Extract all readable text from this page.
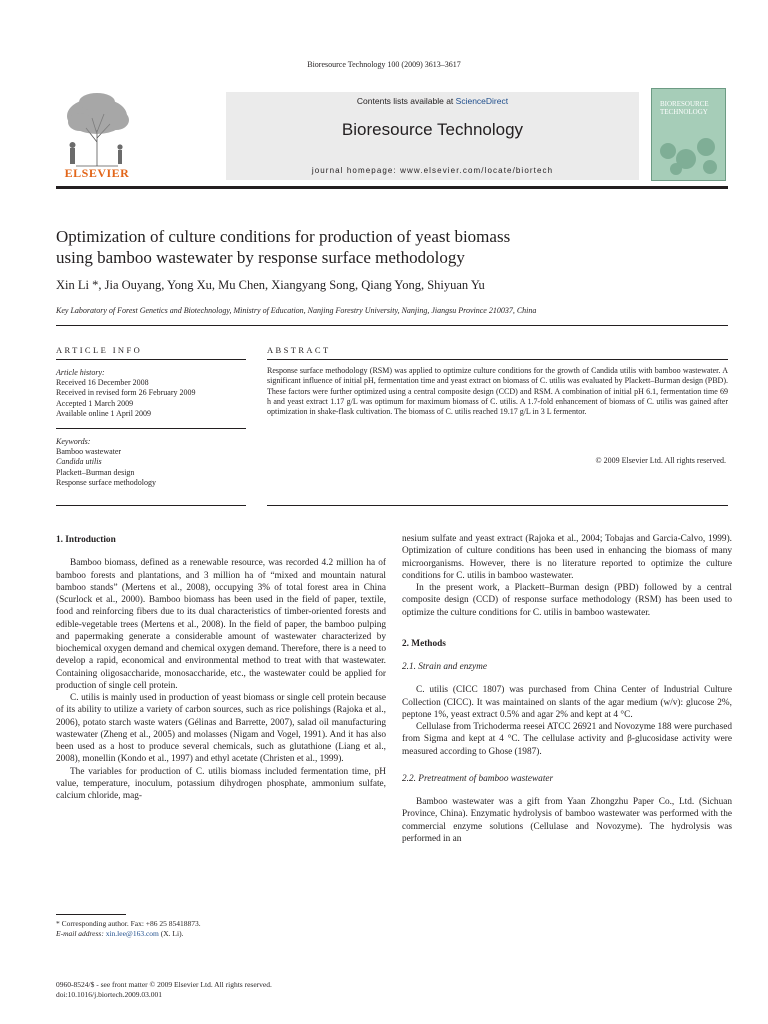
Bioresource Technology 100 (2009) 3613–3617
ELSEVIER
Contents lists available at ScienceDirect
Bioresource Technology
journal homepage: www.elsevier.com/locate/biortech
BIORESOURCE TECHNOLOGY
Optimization of culture conditions for production of yeast biomass
using bamboo wastewater by response surface methodology
Xin Li *, Jia Ouyang, Yong Xu, Mu Chen, Xiangyang Song, Qiang Yong, Shiyuan Yu
Key Laboratory of Forest Genetics and Biotechnology, Ministry of Education, Nanjing Forestry University, Nanjing, Jiangsu Province 210037, China
ARTICLE INFO	ABSTRACT
Article history:
Received 16 December 2008
Received in revised form 26 February 2009
Accepted 1 March 2009
Available online 1 April 2009
Keywords:
Bamboo wastewater
Candida utilis
Plackett–Burman design
Response surface methodology
Response surface methodology (RSM) was applied to optimize culture conditions for the growth of Candida utilis with bamboo wastewater. A significant influence of initial pH, fermentation time and yeast extract on biomass of C. utilis was evaluated by Plackett–Burman design (PBD). These factors were further optimized using a central composite design (CCD) and RSM. A combination of initial pH 6.1, fermentation time 69 h and yeast extract 1.17 g/L was optimum for maximum biomass of C. utilis. A 1.7-fold enhancement of biomass of C. utilis was gained after optimization in shake-flask cultivation. The biomass of C. utilis reached 19.17 g/L in 3 L fermentor.
© 2009 Elsevier Ltd. All rights reserved.
1. Introduction

Bamboo biomass, defined as a renewable resource, was recorded 4.2 million ha of bamboo forests and plantations, and 3 million ha of “mixed and mountain natural bamboo stands” (Mertens et al., 2008), occupying 3% of total forest area in China (Scurlock et al., 2000). Bamboo biomass has been used in the field of paper, textile, food and reinforcing fibers due to its dual characteristics of timber-oriented forests and edible-vegetable trees (Mertens et al., 2008). In the field of paper, the bamboo pulping and papermaking generate a considerable amount of wastewater characterized by biochemical oxygen demand and chemical oxygen demand. Therefore, there is a need to develop a rapid, economical and environmental method to treat with that wastewater. Containing oligosaccharide, monosaccharide, etc., the wastewater could be applied for production of single cell protein.

C. utilis is mainly used in production of yeast biomass or single cell protein because of its ability to utilize a variety of carbon sources, such as rice polishings (Rajoka et al., 2006), potato starch waste waters (Gélinas and Barrette, 2007), salad oil manufacturing wastewater (Zheng et al., 2005) and molasses (Nigam and Vogel, 1991). And it has also been used as a host to produce several chemicals, such as glutathione (Liang et al., 2008), monellin (Kondo et al., 1997) and ethyl acetate (Christen et al., 1999).

The variables for production of C. utilis biomass included fermentation time, pH value, temperature, inoculum, potassium dihydrogen phosphate, ammonium sulfate, calcium chloride, mag-

nesium sulfate and yeast extract (Rajoka et al., 2004; Tobajas and Garcia-Calvo, 1999). Optimization of culture conditions has been used in enhancing the biomass of many microorganisms. However, there is no literature reported to optimize the culture conditions for C. utilis in bamboo wastewater.

In the present work, a Plackett–Burman design (PBD) followed by a central composite design (CCD) of response surface methodology (RSM) has been used to optimize the culture conditions for C. utilis in bamboo wastewater.

2. Methods
2.1. Strain and enzyme

C. utilis (CICC 1807) was purchased from China Center of Industrial Culture Collection (CICC). It was maintained on slants of the agar medium (w/v): glucose 2%, peptone 1%, yeast extract 0.5% and agar 2% and kept at 4 °C.

Cellulase from Trichoderma reesei ATCC 26921 and Novozyme 188 were purchased from Sigma and kept at 4 °C. The cellulase activity and β-glucosidase activity were measured according to Ghose (1987).

2.2. Pretreatment of bamboo wastewater

Bamboo wastewater was a gift from Yaan Zhongzhu Paper Co., Ltd. (Sichuan Province, China). Enzymatic hydrolysis of bamboo wastewater was performed with the commercial enzyme solutions (Cellulase and Novozyme). The hydrolysis was performed in an

* Corresponding author. Fax: +86 25 85418873.
E-mail address: xin.lee@163.com (X. Li).
0960-8524/$ - see front matter © 2009 Elsevier Ltd. All rights reserved.
doi:10.1016/j.biortech.2009.03.001
